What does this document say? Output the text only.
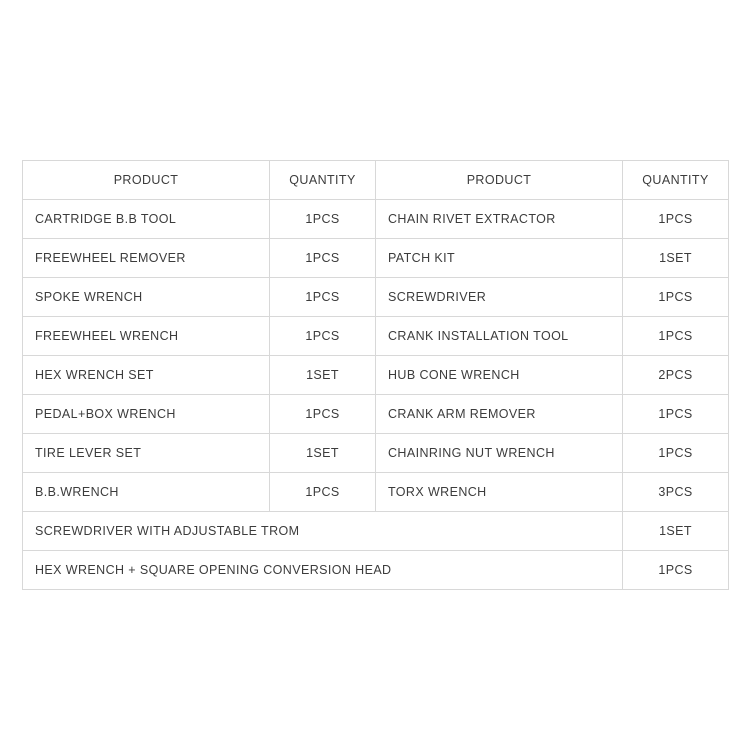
PRODUCT	QUANTITY	PRODUCT	QUANTITY
CARTRIDGE B.B TOOL	1PCS	CHAIN RIVET EXTRACTOR	1PCS
FREEWHEEL REMOVER	1PCS	PATCH KIT	1SET
SPOKE WRENCH	1PCS	SCREWDRIVER	1PCS
FREEWHEEL WRENCH	1PCS	CRANK INSTALLATION TOOL	1PCS
HEX WRENCH SET	1SET	HUB CONE WRENCH	2PCS
PEDAL+BOX WRENCH	1PCS	CRANK ARM REMOVER	1PCS
TIRE LEVER SET	1SET	CHAINRING NUT WRENCH	1PCS
B.B.WRENCH	1PCS	TORX WRENCH	3PCS
SCREWDRIVER WITH ADJUSTABLE TROM			1SET
HEX WRENCH + SQUARE OPENING CONVERSION HEAD			1PCS
